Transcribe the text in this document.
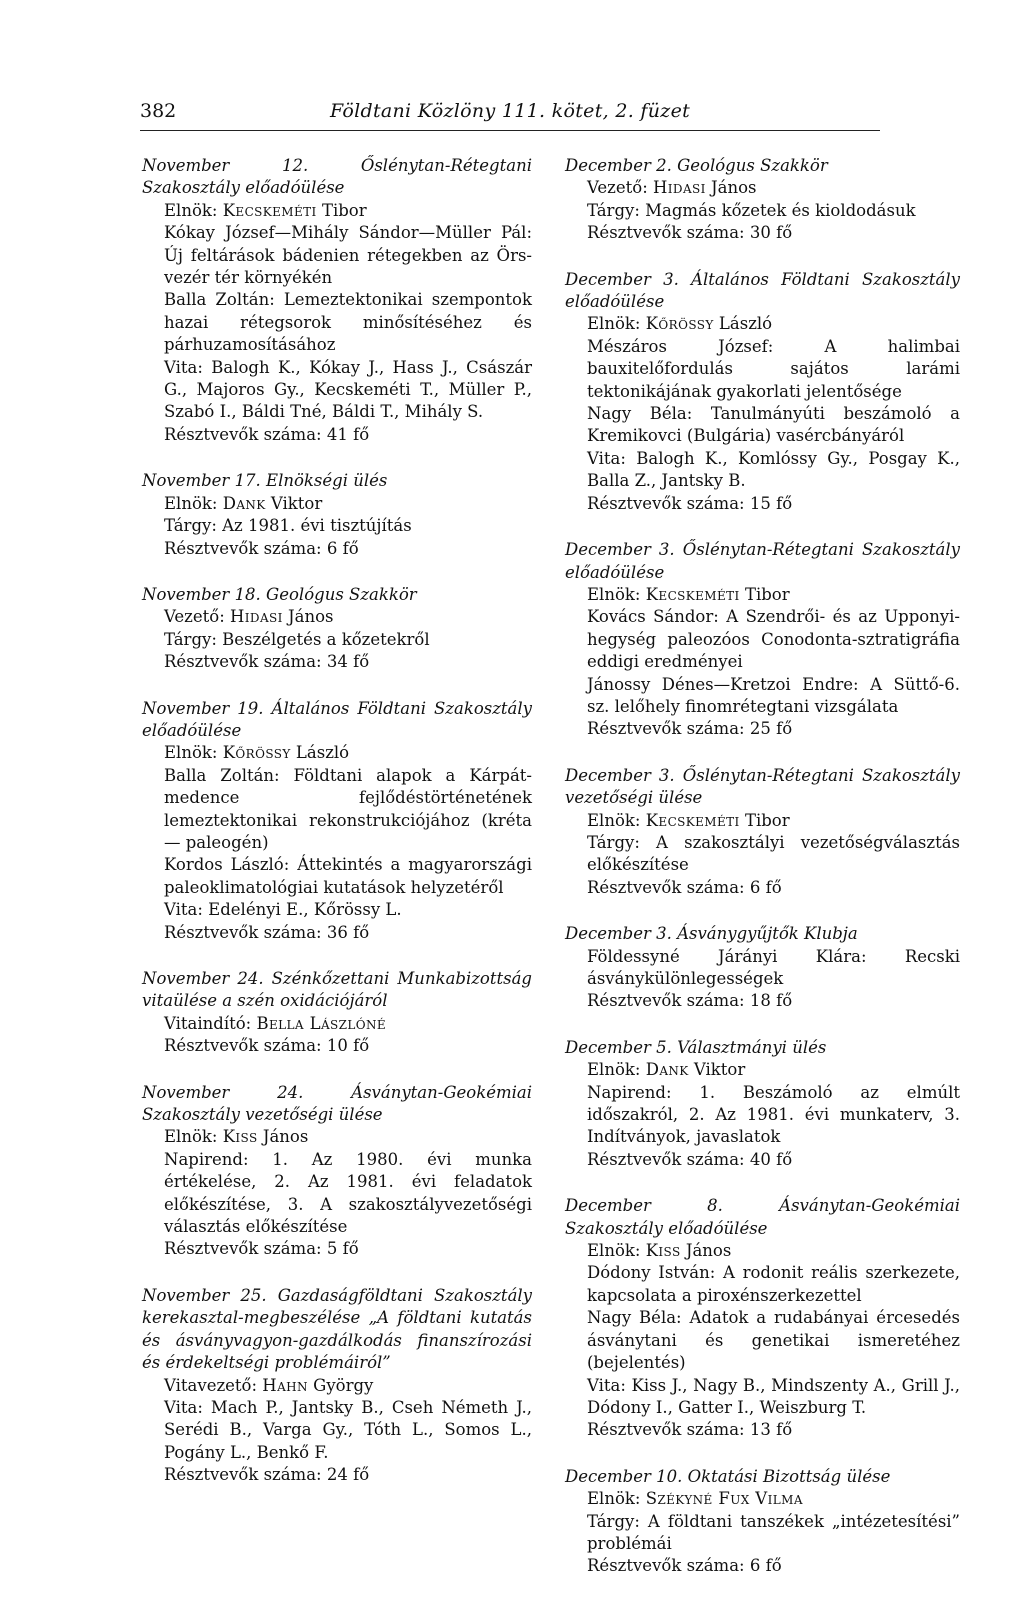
382	Földtani Közlöny 111. kötet, 2. füzet
November 12. Őslénytan-Rétegtani Szakosztály előadóülése
Elnök: Kecskeméti Tibor
Kókay József—Mihály Sándor—Müller Pál: Új feltárások bádenien rétegekben az Örs-vezér tér környékén
Balla Zoltán: Lemeztektonikai szempontok hazai rétegsorok minősítéséhez és párhuzamosításához
Vita: Balogh K., Kókay J., Hass J., Császár G., Majoros Gy., Kecskeméti T., Müller P., Szabó I., Báldi Tné, Báldi T., Mihály S.
Résztvevők száma: 41 fő
November 17. Elnökségi ülés
Elnök: Dank Viktor
Tárgy: Az 1981. évi tisztújítás
Résztvevők száma: 6 fő
November 18. Geológus Szakkör
Vezető: Hidasi János
Tárgy: Beszélgetés a kőzetekről
Résztvevők száma: 34 fő
November 19. Általános Földtani Szakosztály előadóülése
Elnök: Kőrössy László
Balla Zoltán: Földtani alapok a Kárpát-medence fejlődéstörténetének lemeztektonikai rekonstrukciójához (kréta — paleogén)
Kordos László: Áttekintés a magyarországi paleoklimatológiai kutatások helyzetéről
Vita: Edelényi E., Kőrössy L.
Résztvevők száma: 36 fő
November 24. Szénkőzettani Munkabizottság vitaülése a szén oxidációjáról
Vitaindító: Bella Lászlóné
Résztvevők száma: 10 fő
November 24. Ásványtan-Geokémiai Szakosztály vezetőségi ülése
Elnök: Kiss János
Napirend: 1. Az 1980. évi munka értékelése, 2. Az 1981. évi feladatok előkészítése, 3. A szakosztályvezetőségi választás előkészítése
Résztvevők száma: 5 fő
November 25. Gazdaságföldtani Szakosztály kerekasztal-megbeszélése „A földtani kutatás és ásványvagyon-gazdálkodás finanszírozási és érdekeltségi problémáiról”
Vitavezető: Hahn György
Vita: Mach P., Jantsky B., Cseh Németh J., Serédi B., Varga Gy., Tóth L., Somos L., Pogány L., Benkő F.
Résztvevők száma: 24 fő
December 2. Geológus Szakkör
Vezető: Hidasi János
Tárgy: Magmás kőzetek és kioldodásuk
Résztvevők száma: 30 fő
December 3. Általános Földtani Szakosztály előadóülése
Elnök: Kőrössy László
Mészáros József: A halimbai bauxitelőfordulás sajátos larámi tektonikájának gyakorlati jelentősége
Nagy Béla: Tanulmányúti beszámoló a Kremikovci (Bulgária) vasércbányáról
Vita: Balogh K., Komlóssy Gy., Posgay K., Balla Z., Jantsky B.
Résztvevők száma: 15 fő
December 3. Őslénytan-Rétegtani Szakosztály előadóülése
Elnök: Kecskeméti Tibor
Kovács Sándor: A Szendrői- és az Upponyi-hegység paleozóos Conodonta-sztratigráfia eddigi eredményei
Jánossy Dénes—Kretzoi Endre: A Süttő-6. sz. lelőhely finomrétegtani vizsgálata
Résztvevők száma: 25 fő
December 3. Őslénytan-Rétegtani Szakosztály vezetőségi ülése
Elnök: Kecskeméti Tibor
Tárgy: A szakosztályi vezetőségválasztás előkészítése
Résztvevők száma: 6 fő
December 3. Ásványgyűjtők Klubja
Földessyné Járányi Klára: Recski ásványkülönlegességek
Résztvevők száma: 18 fő
December 5. Választmányi ülés
Elnök: Dank Viktor
Napirend: 1. Beszámoló az elmúlt időszakról, 2. Az 1981. évi munkaterv, 3. Indítványok, javaslatok
Résztvevők száma: 40 fő
December 8. Ásványtan-Geokémiai Szakosztály előadóülése
Elnök: Kiss János
Dódony István: A rodonit reális szerkezete, kapcsolata a piroxénszerkezettel
Nagy Béla: Adatok a rudabányai ércesedés ásványtani és genetikai ismeretéhez (bejelentés)
Vita: Kiss J., Nagy B., Mindszenty A., Grill J., Dódony I., Gatter I., Weiszburg T.
Résztvevők száma: 13 fő
December 10. Oktatási Bizottság ülése
Elnök: Székyné Fux Vilma
Tárgy: A földtani tanszékek „intézetesítési” problémái
Résztvevők száma: 6 fő
